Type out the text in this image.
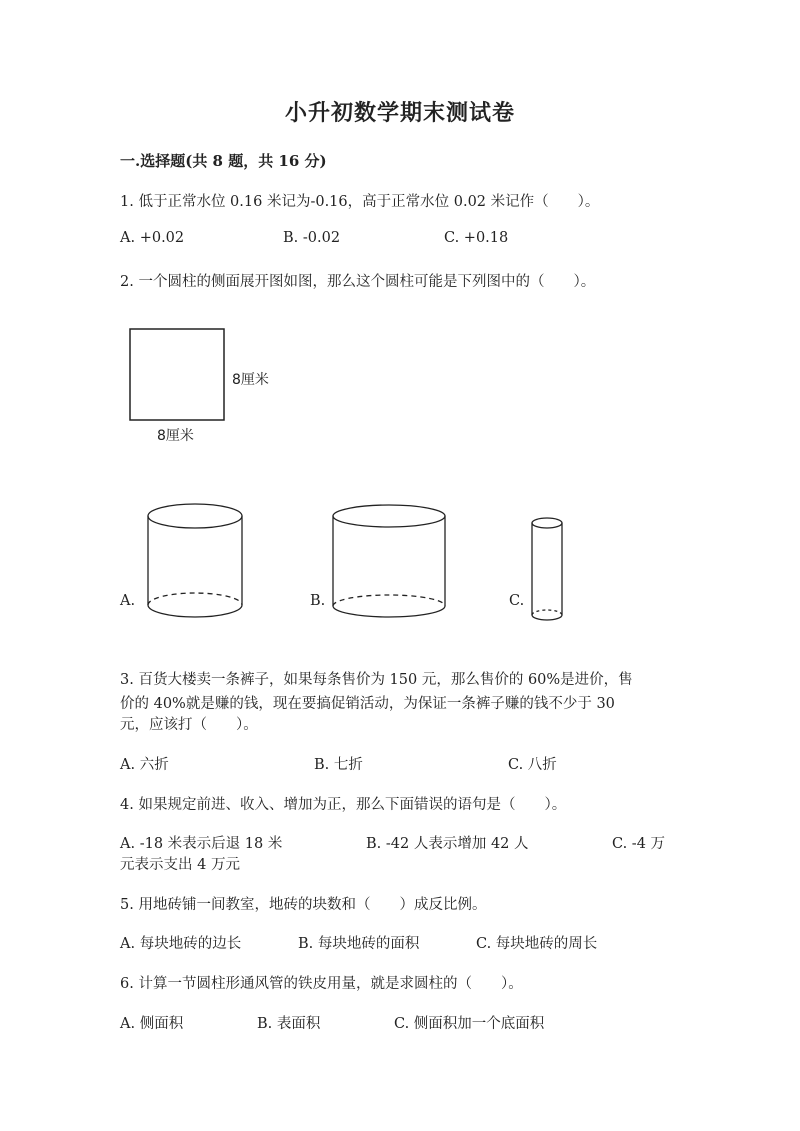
小升初数学期末测试卷
一.选择题(共 8 题，共 16 分)
1. 低于正常水位 0.16 米记为-0.16，高于正常水位 0.02 米记作（　　）。
A. +0.02	B. -0.02	C. +0.18
2. 一个圆柱的侧面展开图如图，那么这个圆柱可能是下列图中的（　　）。
8厘米
8厘米
A.	B.	C.
3. 百货大楼卖一条裤子，如果每条售价为 150 元，那么售价的 60%是进价，售
价的 40%就是赚的钱，现在要搞促销活动，为保证一条裤子赚的钱不少于 30
元，应该打（　　）。
A. 六折	B. 七折	C. 八折
4. 如果规定前进、收入、增加为正，那么下面错误的语句是（　　）。
A. -18 米表示后退 18 米	B. -42 人表示增加 42 人	C. -4 万
元表示支出 4 万元
5. 用地砖铺一间教室，地砖的块数和（　　）成反比例。
A. 每块地砖的边长	B. 每块地砖的面积	C. 每块地砖的周长
6. 计算一节圆柱形通风管的铁皮用量，就是求圆柱的（　　）。
A. 侧面积	B. 表面积	C. 侧面积加一个底面积
